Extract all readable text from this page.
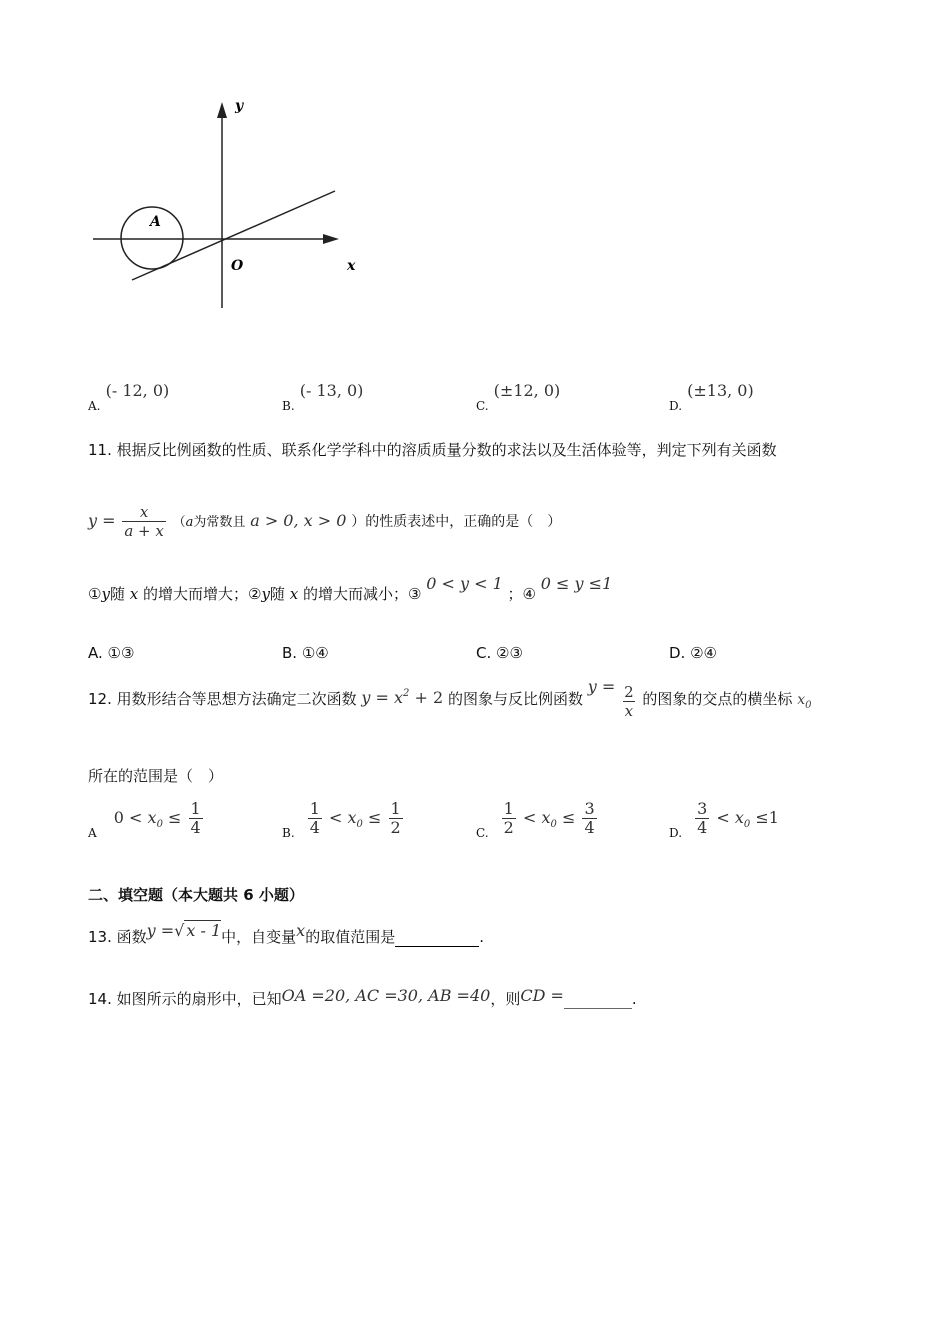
y
x
O
A
$_{A.}$ (- 12, 0)
$_{B.}$ (- 13, 0)
$_{C.}$ (±12, 0)
$_{D.}$ (±13, 0)
11. 根据反比例函数的性质、联系化学学科中的溶质质量分数的求法以及生活体验等，判定下列有关函数
$y = \frac{x}{a + x} (a$为常数且 a > 0, x > 0 ）的性质表述中，正确的是（　）
①y随 x 的增大而增大；②y随 x 的增大而减小；③ 0 < y < 1 ；④ 0 ≤ y ≤1
A. ①③	B. ①④	C. ②③	D. ②④
12. 用数形结合等思想方法确定二次函数 $y = x^2 + 2$ 的图象与反比例函数 $y = \frac{2}{x}$ 的图象的交点的横坐标 $x_0$
所在的范围是（　）
$_A$ $0 < x_0 \le \frac{1}{4}$	$_{B.} \frac{1}{4} < x_0 \le \frac{1}{2}$	$_{C.} \frac{1}{2} < x_0 \le \frac{3}{4}$	$_{D.} \frac{3}{4} < x_0 \le 1$
二、填空题（本大题共 6 小题）
13. 函数y =√ x - 1中，自变量x的取值范围是	.
14. 如图所示的扇形中，已知OA =20, AC =30, AB =40，则CD =	.
